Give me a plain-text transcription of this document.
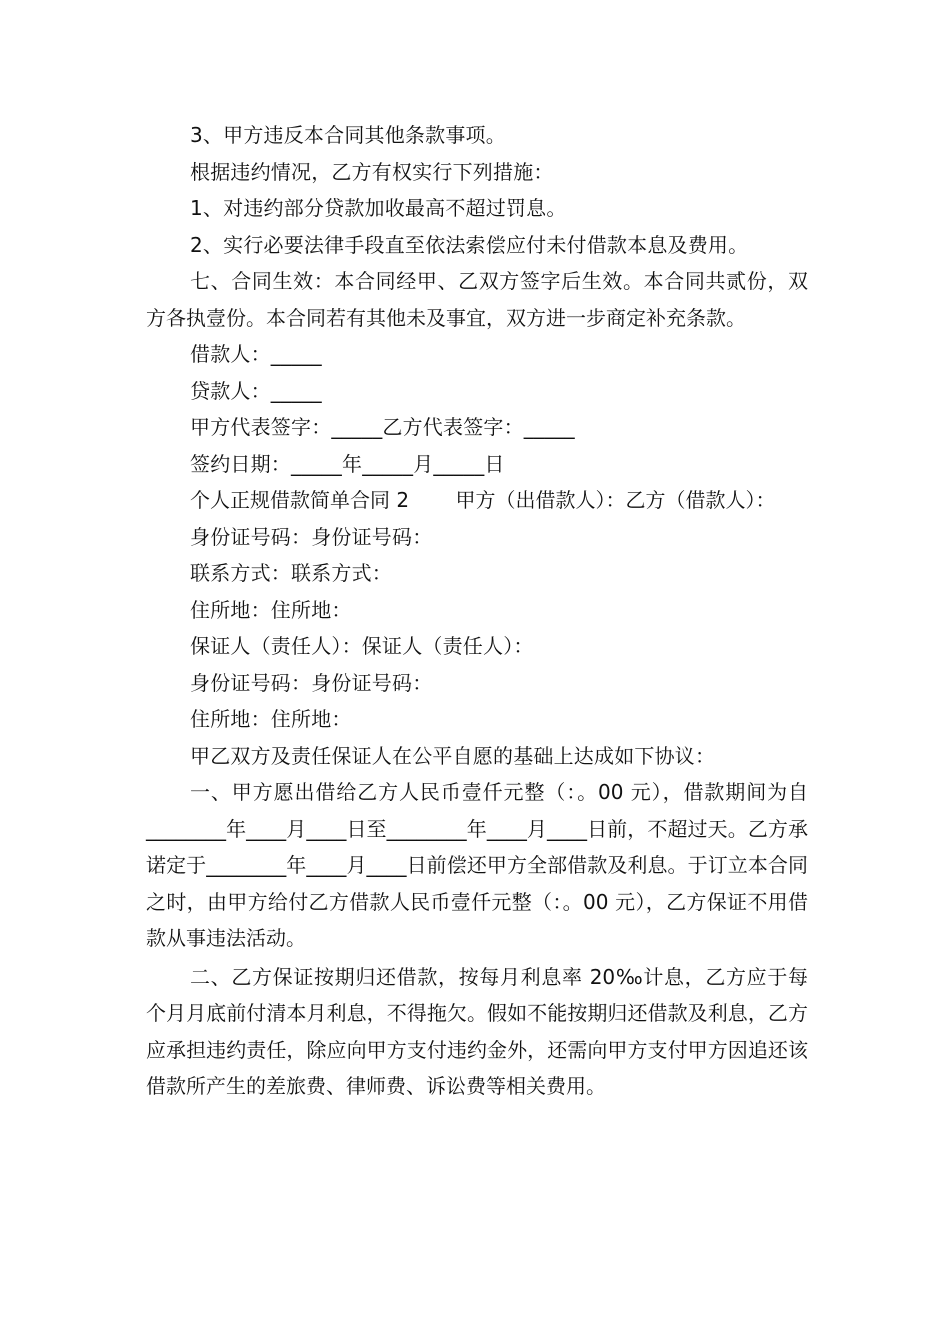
3、甲方违反本合同其他条款事项。
根据违约情况，乙方有权实行下列措施：
1、对违约部分贷款加收最高不超过罚息。
2、实行必要法律手段直至依法索偿应付未付借款本息及费用。
七、合同生效：本合同经甲、乙双方签字后生效。本合同共贰份，双方各执壹份。本合同若有其他未及事宜，双方进一步商定补充条款。
借款人：_____
贷款人：_____
甲方代表签字：_____乙方代表签字：_____
签约日期：_____年_____月_____日
个人正规借款简单合同 2　　 甲方（出借款人）：乙方（借款人）：
身份证号码：身份证号码：
联系方式：联系方式：
住所地：住所地：
保证人（责任人）：保证人（责任人）：
身份证号码：身份证号码：
住所地：住所地：
甲乙双方及责任保证人在公平自愿的基础上达成如下协议：
一、甲方愿出借给乙方人民币壹仟元整（：。00 元），借款期间为自________年____月____日至________年____月____日前，不超过天。乙方承诺定于________年____月____日前偿还甲方全部借款及利息。于订立本合同之时，由甲方给付乙方借款人民币壹仟元整（：。00 元），乙方保证不用借款从事违法活动。
二、乙方保证按期归还借款，按每月利息率 20‰计息，乙方应于每个月月底前付清本月利息，不得拖欠。假如不能按期归还借款及利息，乙方应承担违约责任，除应向甲方支付违约金外，还需向甲方支付甲方因追还该借款所产生的差旅费、律师费、诉讼费等相关费用。
